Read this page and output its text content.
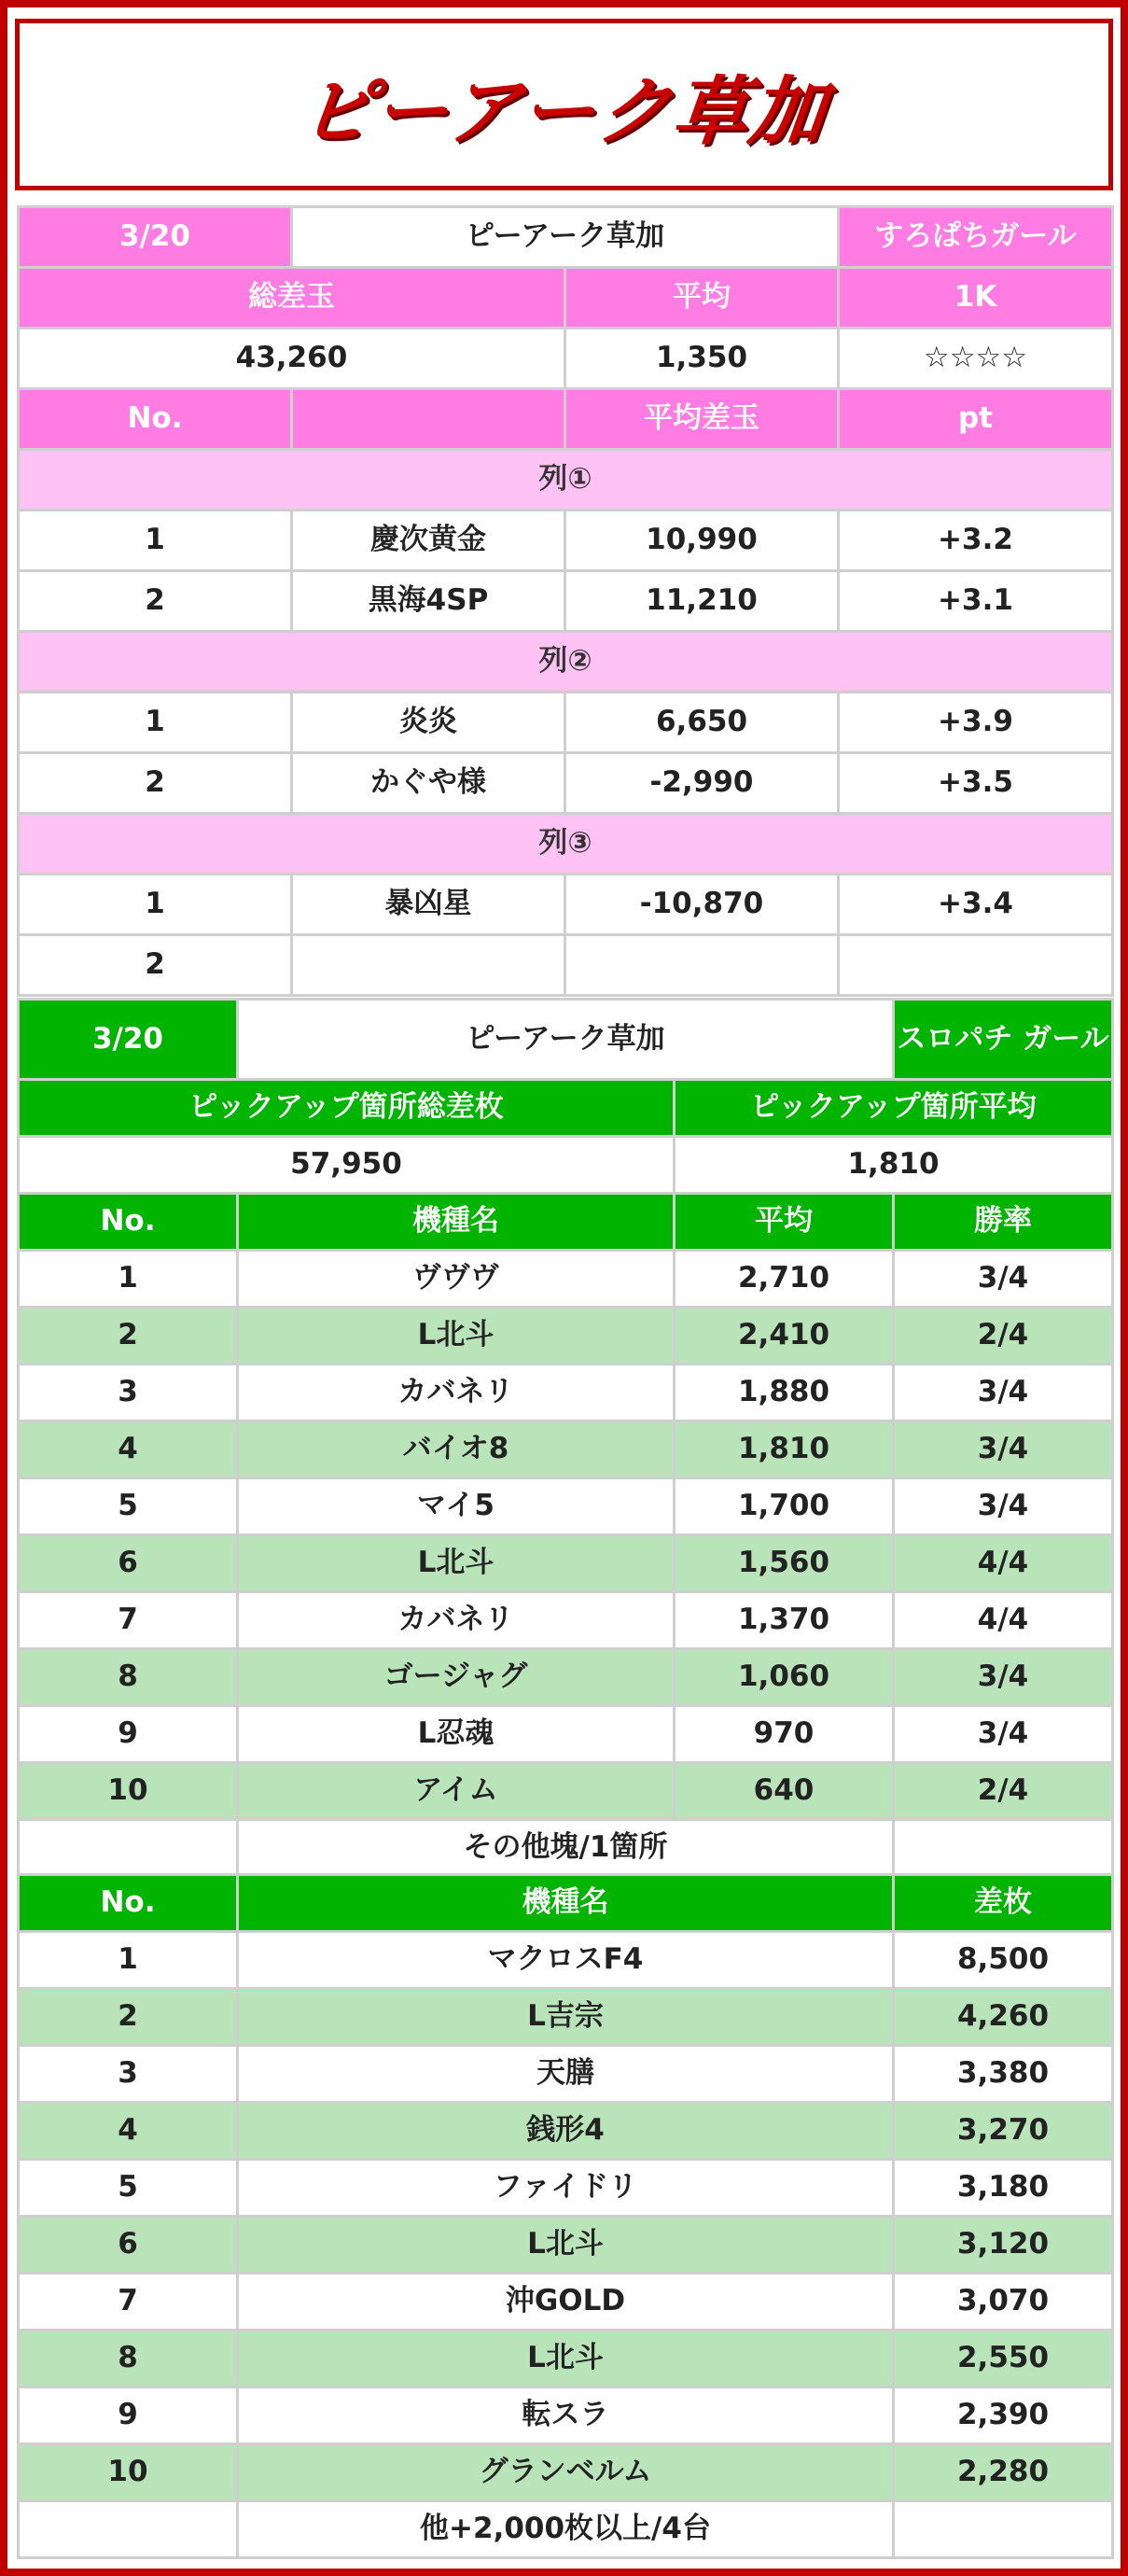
ピーアーク草加
3/20	ピーアーク草加		すろぱちガール
総差玉		平均	1K
43,260		1,350	☆☆☆☆
No.		平均差玉	pt
列①			
1	慶次黄金	10,990	+3.2
2	黒海4SP	11,210	+3.1
列②			
1	炎炎	6,650	+3.9
2	かぐや様	-2,990	+3.5
列③			
1	暴凶星	-10,870	+3.4
2			
3/20	ピーアーク草加		スロパチ ガール
ピックアップ箇所総差枚		ピックアップ箇所平均	
57,950		1,810	
No.	機種名	平均	勝率
1	ヴヴヴ	2,710	3/4
2	L北斗	2,410	2/4
3	カバネリ	1,880	3/4
4	バイオ8	1,810	3/4
5	マイ5	1,700	3/4
6	L北斗	1,560	4/4
7	カバネリ	1,370	4/4
8	ゴージャグ	1,060	3/4
9	L忍魂	970	3/4
10	アイム	640	2/4
	その他塊/1箇所		
No.	機種名	差枚
1	マクロスF4	8,500
2	L吉宗	4,260
3	天膳	3,380
4	銭形4	3,270
5	ファイドリ	3,180
6	L北斗	3,120
7	沖GOLD	3,070
8	L北斗	2,550
9	転スラ	2,390
10	グランベルム	2,280
	他+2,000枚以上/4台	
